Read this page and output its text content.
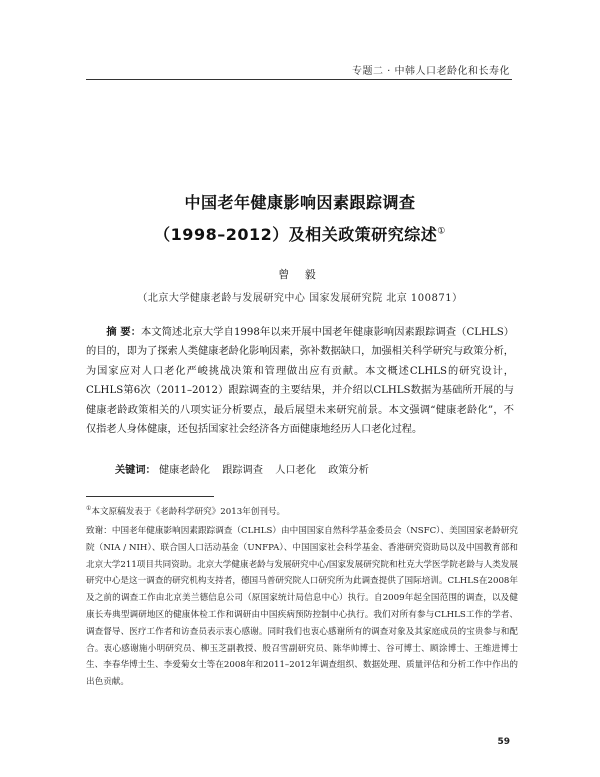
专题二 · 中韩人口老龄化和长寿化
中国老年健康影响因素跟踪调查
（1998–2012）及相关政策研究综述①
曾 毅
（北京大学健康老龄与发展研究中心 国家发展研究院 北京 100871）
摘 要：本文简述北京大学自1998年以来开展中国老年健康影响因素跟踪调查（CLHLS）的目的，即为了探索人类健康老龄化影响因素，弥补数据缺口，加强相关科学研究与政策分析，为国家应对人口老化严峻挑战决策和管理做出应有贡献。本文概述CLHLS的研究设计，CLHLS第6次（2011–2012）跟踪调查的主要结果，并介绍以CLHLS数据为基础所开展的与健康老龄政策相关的八项实证分析要点，最后展望未来研究前景。本文强调“健康老龄化”，不仅指老人身体健康，还包括国家社会经济各方面健康地经历人口老化过程。
关键词： 健康老龄化 跟踪调查 人口老化 政策分析
①本文原稿发表于《老龄科学研究》2013年创刊号。
致谢：中国老年健康影响因素跟踪调查（CLHLS）由中国国家自然科学基金委员会（NSFC）、美国国家老龄研究院（NIA / NIH）、联合国人口活动基金（UNFPA）、中国国家社会科学基金、香港研究资助局以及中国教育部和北京大学211项目共同资助。北京大学健康老龄与发展研究中心/国家发展研究院和杜克大学医学院老龄与人类发展研究中心是这一调查的研究机构支持者，德国马普研究院人口研究所为此调查提供了国际培训。CLHLS在2008年及之前的调查工作由北京美兰德信息公司（原国家统计局信息中心）执行。自2009年起全国范围的调查，以及健康长寿典型调研地区的健康体检工作和调研由中国疾病预防控制中心执行。我们对所有参与CLHLS工作的学者、调查督导、医疗工作者和访查员表示衷心感谢。同时我们也衷心感谢所有的调查对象及其家庭成员的宝贵参与和配合。衷心感谢施小明研究员、柳玉芝副教授、殷召雪副研究员、陈华帅博士、谷可博士、顾涂博士、王维进博士生、李春华博士生、李爱菊女士等在2008年和2011–2012年调查组织、数据处理、质量评估和分析工作中作出的出色贡献。
59
